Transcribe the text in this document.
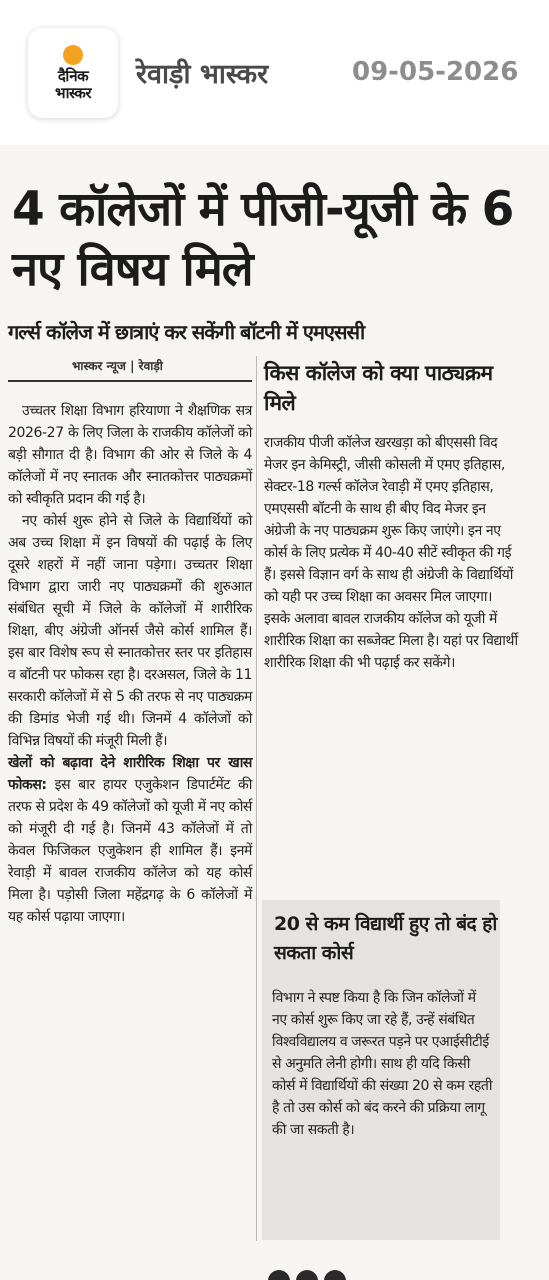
दैनिक
भास्कर
रेवाड़ी भास्कर	09-05-2026
4 कॉलेजों में पीजी-यूजी के 6 नए विषय मिले
गर्ल्स कॉलेज में छात्राएं कर सकेंगी बॉटनी में एमएससी
भास्कर न्यूज | रेवाड़ी

उच्चतर शिक्षा विभाग हरियाणा ने शैक्षणिक सत्र 2026-27 के लिए जिला के राजकीय कॉलेजों को बड़ी सौगात दी है। विभाग की ओर से जिले के 4 कॉलेजों में नए स्नातक और स्नातकोत्तर पाठ्यक्रमों को स्वीकृति प्रदान की गई है।

नए कोर्स शुरू होने से जिले के विद्यार्थियों को अब उच्च शिक्षा में इन विषयों की पढ़ाई के लिए दूसरे शहरों में नहीं जाना पड़ेगा। उच्चतर शिक्षा विभाग द्वारा जारी नए पाठ्यक्रमों की शुरुआत संबंधित सूची में जिले के कॉलेजों में शारीरिक शिक्षा, बीए अंग्रेजी ऑनर्स जैसे कोर्स शामिल हैं। इस बार विशेष रूप से स्नातकोत्तर स्तर पर इतिहास व बॉटनी पर फोकस रहा है। दरअसल, जिले के 11 सरकारी कॉलेजों में से 5 की तरफ से नए पाठ्यक्रम की डिमांड भेजी गई थी। जिनमें 4 कॉलेजों को विभिन्न विषयों की मंजूरी मिली हैं।

खेलों को बढ़ावा देने शारीरिक शिक्षा पर खास फोकस: इस बार हायर एजुकेशन डिपार्टमेंट की तरफ से प्रदेश के 49 कॉलेजों को यूजी में नए कोर्स को मंजूरी दी गई है। जिनमें 43 कॉलेजों में तो केवल फिजिकल एजुकेशन ही शामिल हैं। इनमें रेवाड़ी में बावल राजकीय कॉलेज को यह कोर्स मिला है। पड़ोसी जिला महेंद्रगढ़ के 6 कॉलेजों में यह कोर्स पढ़ाया जाएगा।

किस कॉलेज को क्या पाठ्यक्रम मिले
राजकीय पीजी कॉलेज खरखड़ा को बीएससी विद मेजर इन केमिस्ट्री, जीसी कोसली में एमए इतिहास, सेक्टर-18 गर्ल्स कॉलेज रेवाड़ी में एमए इतिहास, एमएससी बॉटनी के साथ ही बीए विद मेजर इन अंग्रेजी के नए पाठ्यक्रम शुरू किए जाएंगे। इन नए कोर्स के लिए प्रत्येक में 40-40 सीटें स्वीकृत की गई हैं। इससे विज्ञान वर्ग के साथ ही अंग्रेजी के विद्यार्थियों को यही पर उच्च शिक्षा का अवसर मिल जाएगा। इसके अलावा बावल राजकीय कॉलेज को यूजी में शारीरिक शिक्षा का सब्जेक्ट मिला है। यहां पर विद्यार्थी शारीरिक शिक्षा की भी पढ़ाई कर सकेंगे।
20 से कम विद्यार्थी हुए तो बंद हो सकता कोर्स
विभाग ने स्पष्ट किया है कि जिन कॉलेजों में नए कोर्स शुरू किए जा रहे हैं, उन्हें संबंधित विश्वविद्यालय व जरूरत पड़ने पर एआईसीटीई से अनुमति लेनी होगी। साथ ही यदि किसी कोर्स में विद्यार्थियों की संख्या 20 से कम रहती है तो उस कोर्स को बंद करने की प्रक्रिया लागू की जा सकती है।
